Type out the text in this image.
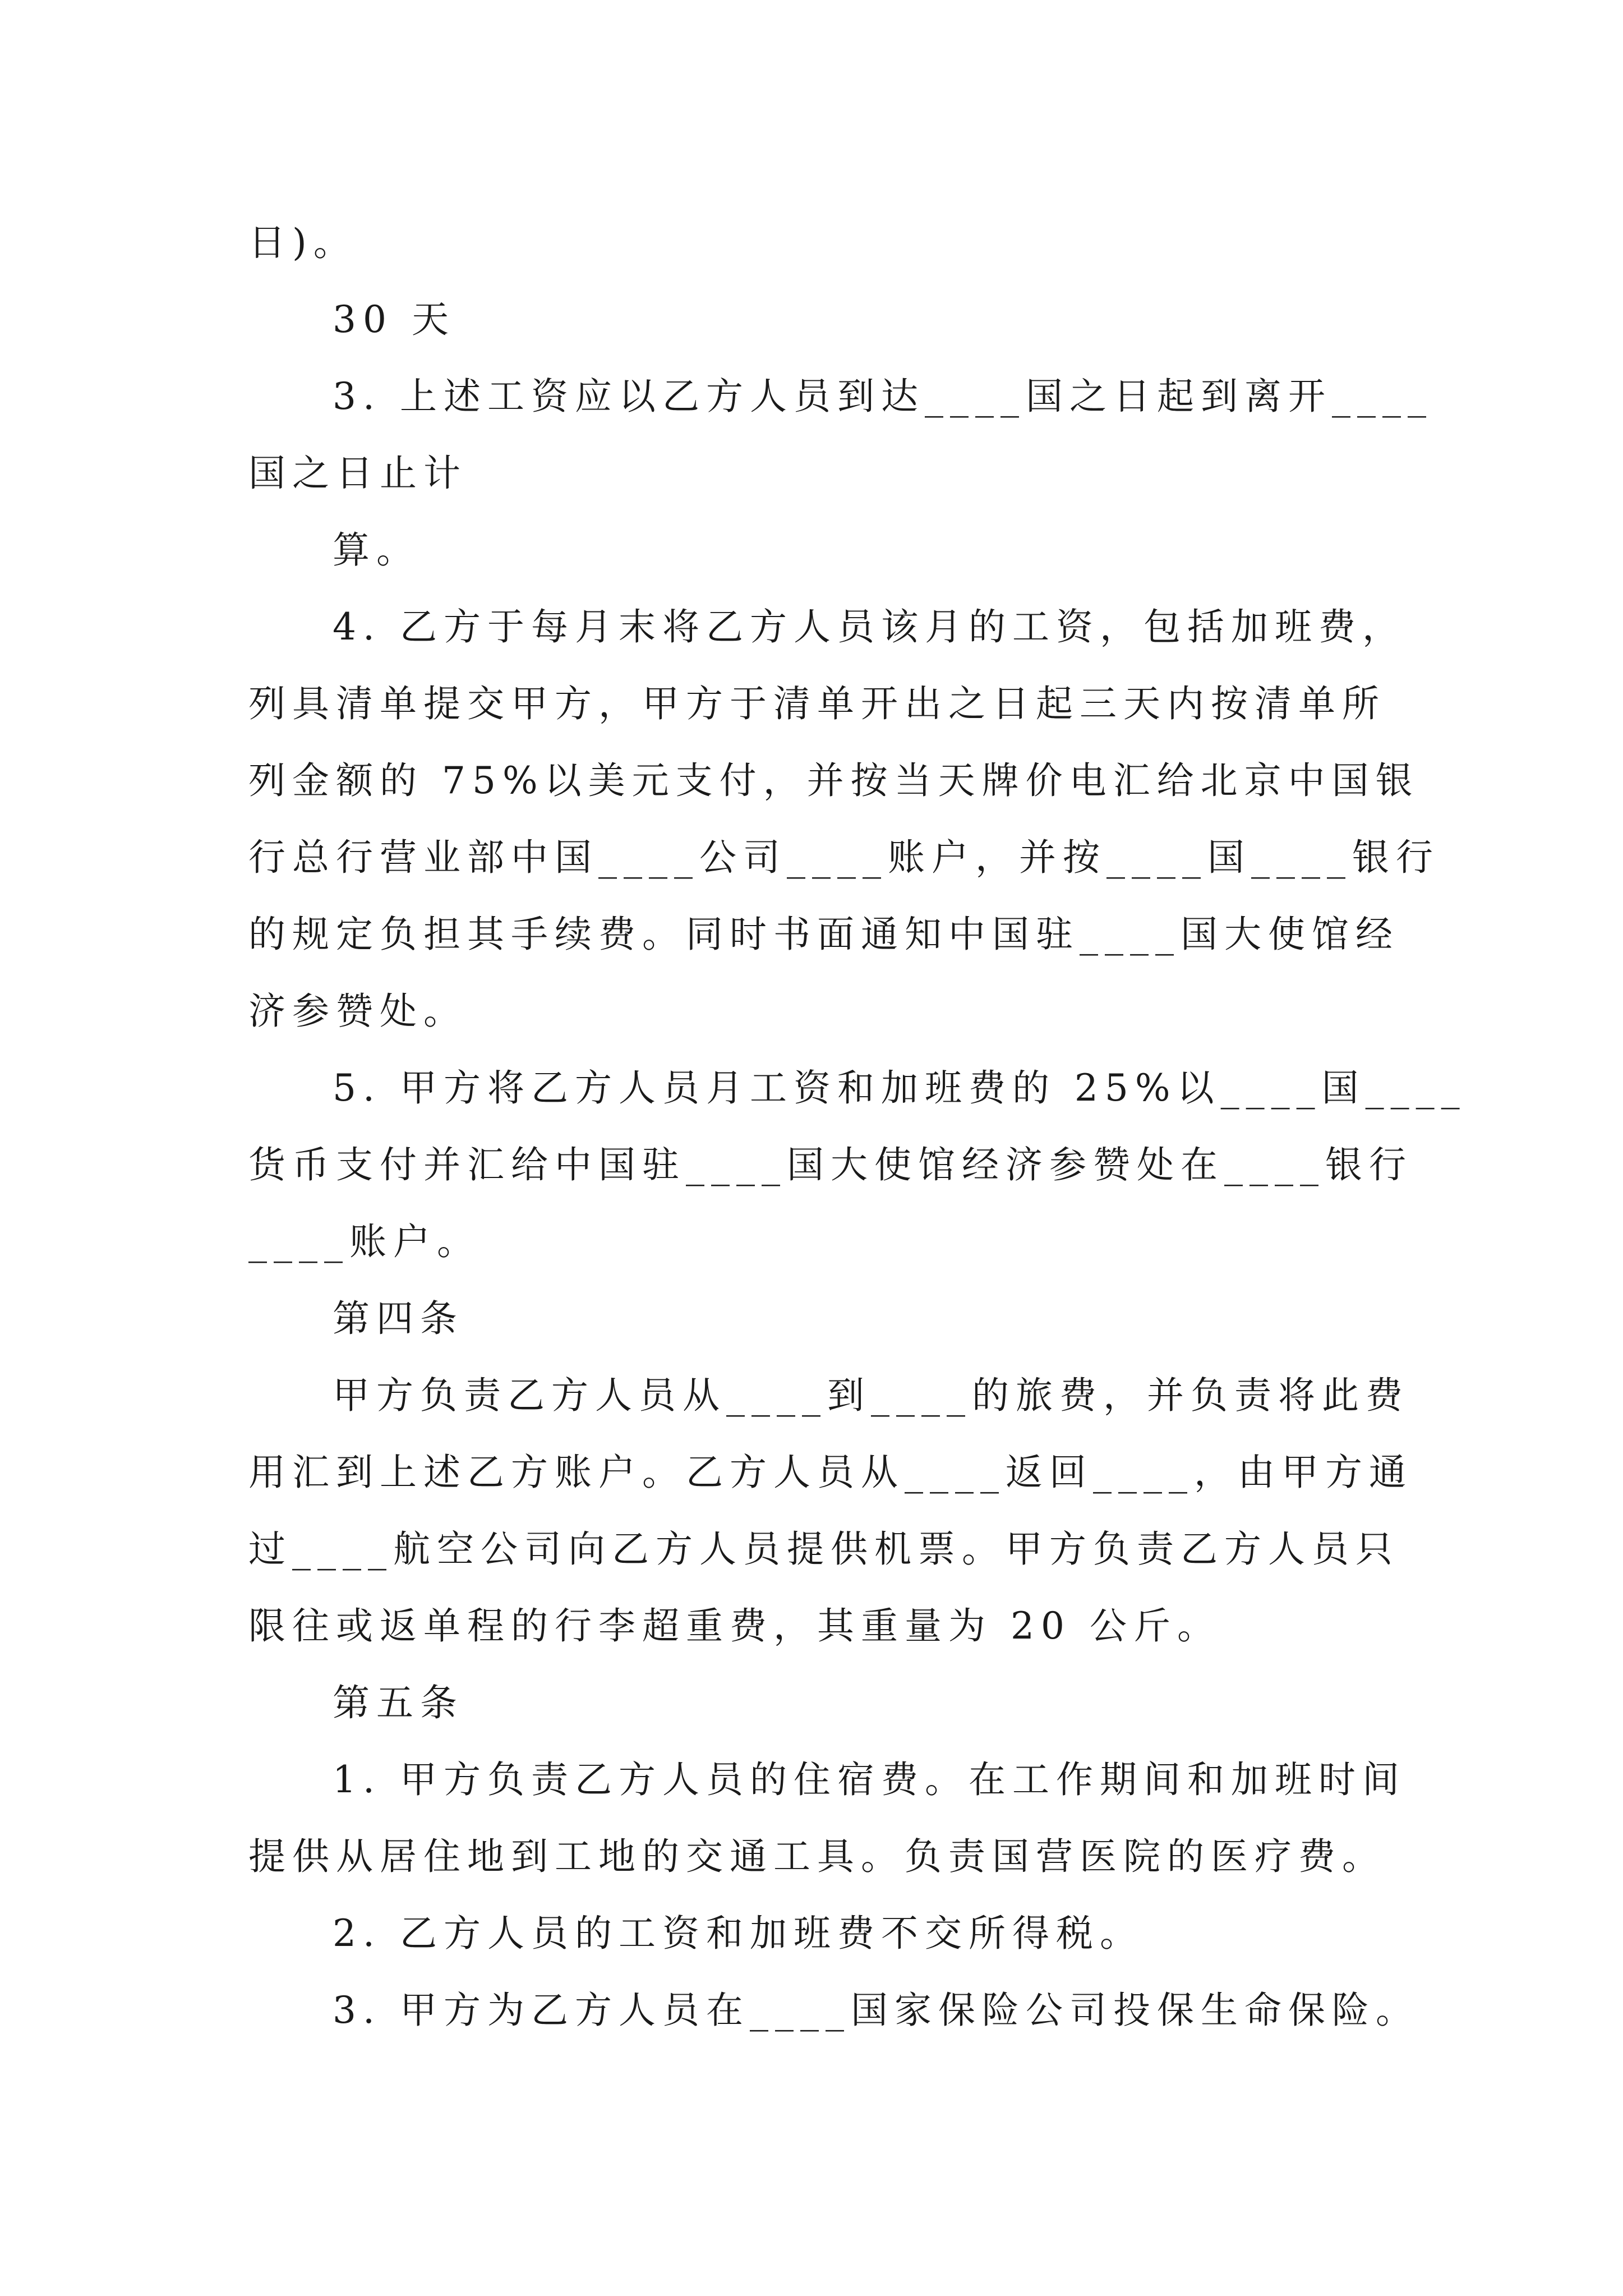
日)。
30 天
3. 上述工资应以乙方人员到达____国之日起到离开____
国之日止计
算。
4. 乙方于每月末将乙方人员该月的工资，包括加班费，
列具清单提交甲方，甲方于清单开出之日起三天内按清单所
列金额的 75%以美元支付，并按当天牌价电汇给北京中国银
行总行营业部中国____公司____账户，并按____国____银行
的规定负担其手续费。同时书面通知中国驻____国大使馆经
济参赞处。
5. 甲方将乙方人员月工资和加班费的 25%以____国____
货币支付并汇给中国驻____国大使馆经济参赞处在____银行
____账户。
第四条
甲方负责乙方人员从____到____的旅费，并负责将此费
用汇到上述乙方账户。乙方人员从____返回____，由甲方通
过____航空公司向乙方人员提供机票。甲方负责乙方人员只
限往或返单程的行李超重费，其重量为 20 公斤。
第五条
1. 甲方负责乙方人员的住宿费。在工作期间和加班时间
提供从居住地到工地的交通工具。负责国营医院的医疗费。
2. 乙方人员的工资和加班费不交所得税。
3. 甲方为乙方人员在____国家保险公司投保生命保险。
